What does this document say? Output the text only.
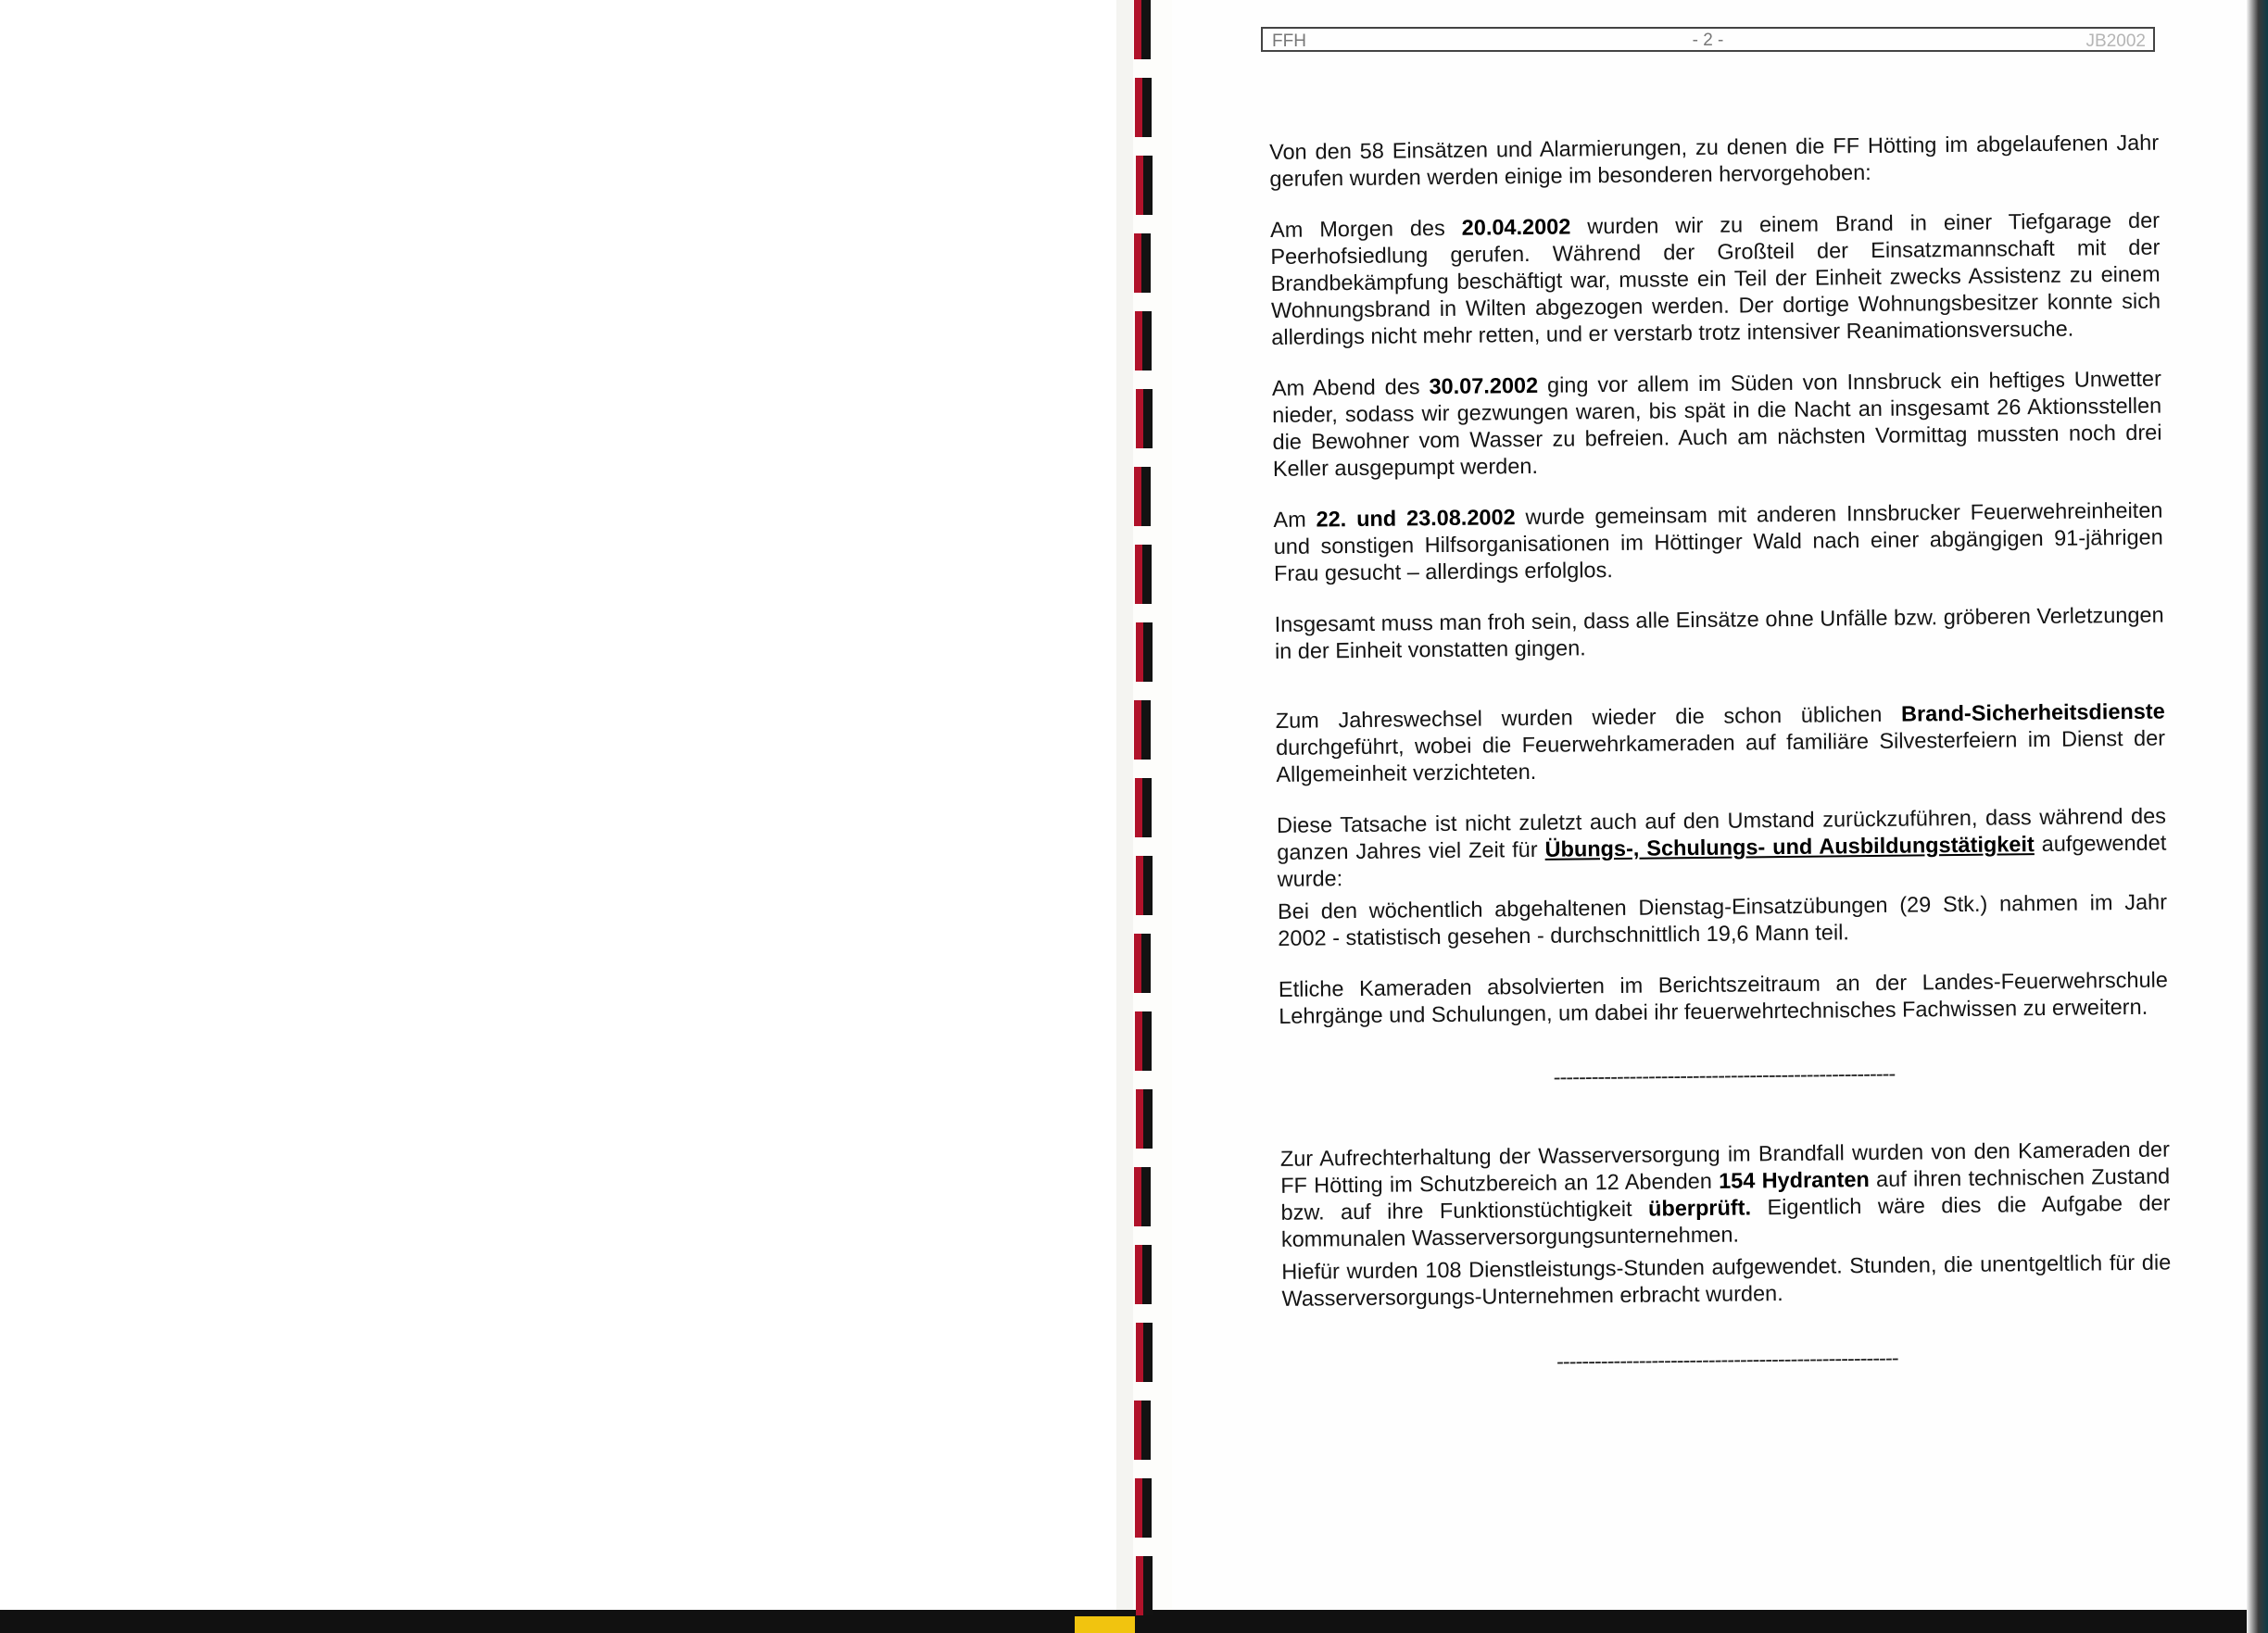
FFH	- 2 -	JB2002

Von den 58 Einsätzen und Alarmierungen, zu denen die FF Hötting im abgelaufenen Jahr gerufen wurden werden einige im besonderen hervorgehoben:

Am Morgen des 20.04.2002 wurden wir zu einem Brand in einer Tiefgarage der Peerhofsiedlung gerufen. Während der Großteil der Einsatzmannschaft mit der Brandbekämpfung beschäftigt war, musste ein Teil der Einheit zwecks Assistenz zu einem Wohnungsbrand in Wilten abgezogen werden. Der dortige Wohnungsbesitzer konnte sich allerdings nicht mehr retten, und er verstarb trotz intensiver Reanimationsversuche.

Am Abend des 30.07.2002 ging vor allem im Süden von Innsbruck ein heftiges Unwetter nieder, sodass wir gezwungen waren, bis spät in die Nacht an insgesamt 26 Aktionsstellen die Bewohner vom Wasser zu befreien. Auch am nächsten Vormittag mussten noch drei Keller ausgepumpt werden.

Am 22. und 23.08.2002 wurde gemeinsam mit anderen Innsbrucker Feuerwehreinheiten und sonstigen Hilfsorganisationen im Höttinger Wald nach einer abgängigen 91-jährigen Frau gesucht – allerdings erfolglos.

Insgesamt muss man froh sein, dass alle Einsätze ohne Unfälle bzw. gröberen Verletzungen in der Einheit vonstatten gingen.

Zum Jahreswechsel wurden wieder die schon üblichen Brand-Sicherheitsdienste durchgeführt, wobei die Feuerwehrkameraden auf familiäre Silvesterfeiern im Dienst der Allgemeinheit verzichteten.

Diese Tatsache ist nicht zuletzt auch auf den Umstand zurückzuführen, dass während des ganzen Jahres viel Zeit für Übungs-, Schulungs- und Ausbildungstätigkeit aufgewendet wurde:

Bei den wöchentlich abgehaltenen Dienstag-Einsatzübungen (29 Stk.) nahmen im Jahr 2002 - statistisch gesehen - durchschnittlich 19,6 Mann teil.

Etliche Kameraden absolvierten im Berichtszeitraum an der Landes-Feuerwehrschule Lehrgänge und Schulungen, um dabei ihr feuerwehrtechnisches Fachwissen zu erweitern.

------------------------------------------------------

Zur Aufrechterhaltung der Wasserversorgung im Brandfall wurden von den Kameraden der FF Hötting im Schutzbereich an 12 Abenden 154 Hydranten auf ihren technischen Zustand bzw. auf ihre Funktionstüchtigkeit überprüft. Eigentlich wäre dies die Aufgabe der kommunalen Wasserversorgungsunternehmen.

Hiefür wurden 108 Dienstleistungs-Stunden aufgewendet. Stunden, die unentgeltlich für die Wasserversorgungs-Unternehmen erbracht wurden.

------------------------------------------------------
